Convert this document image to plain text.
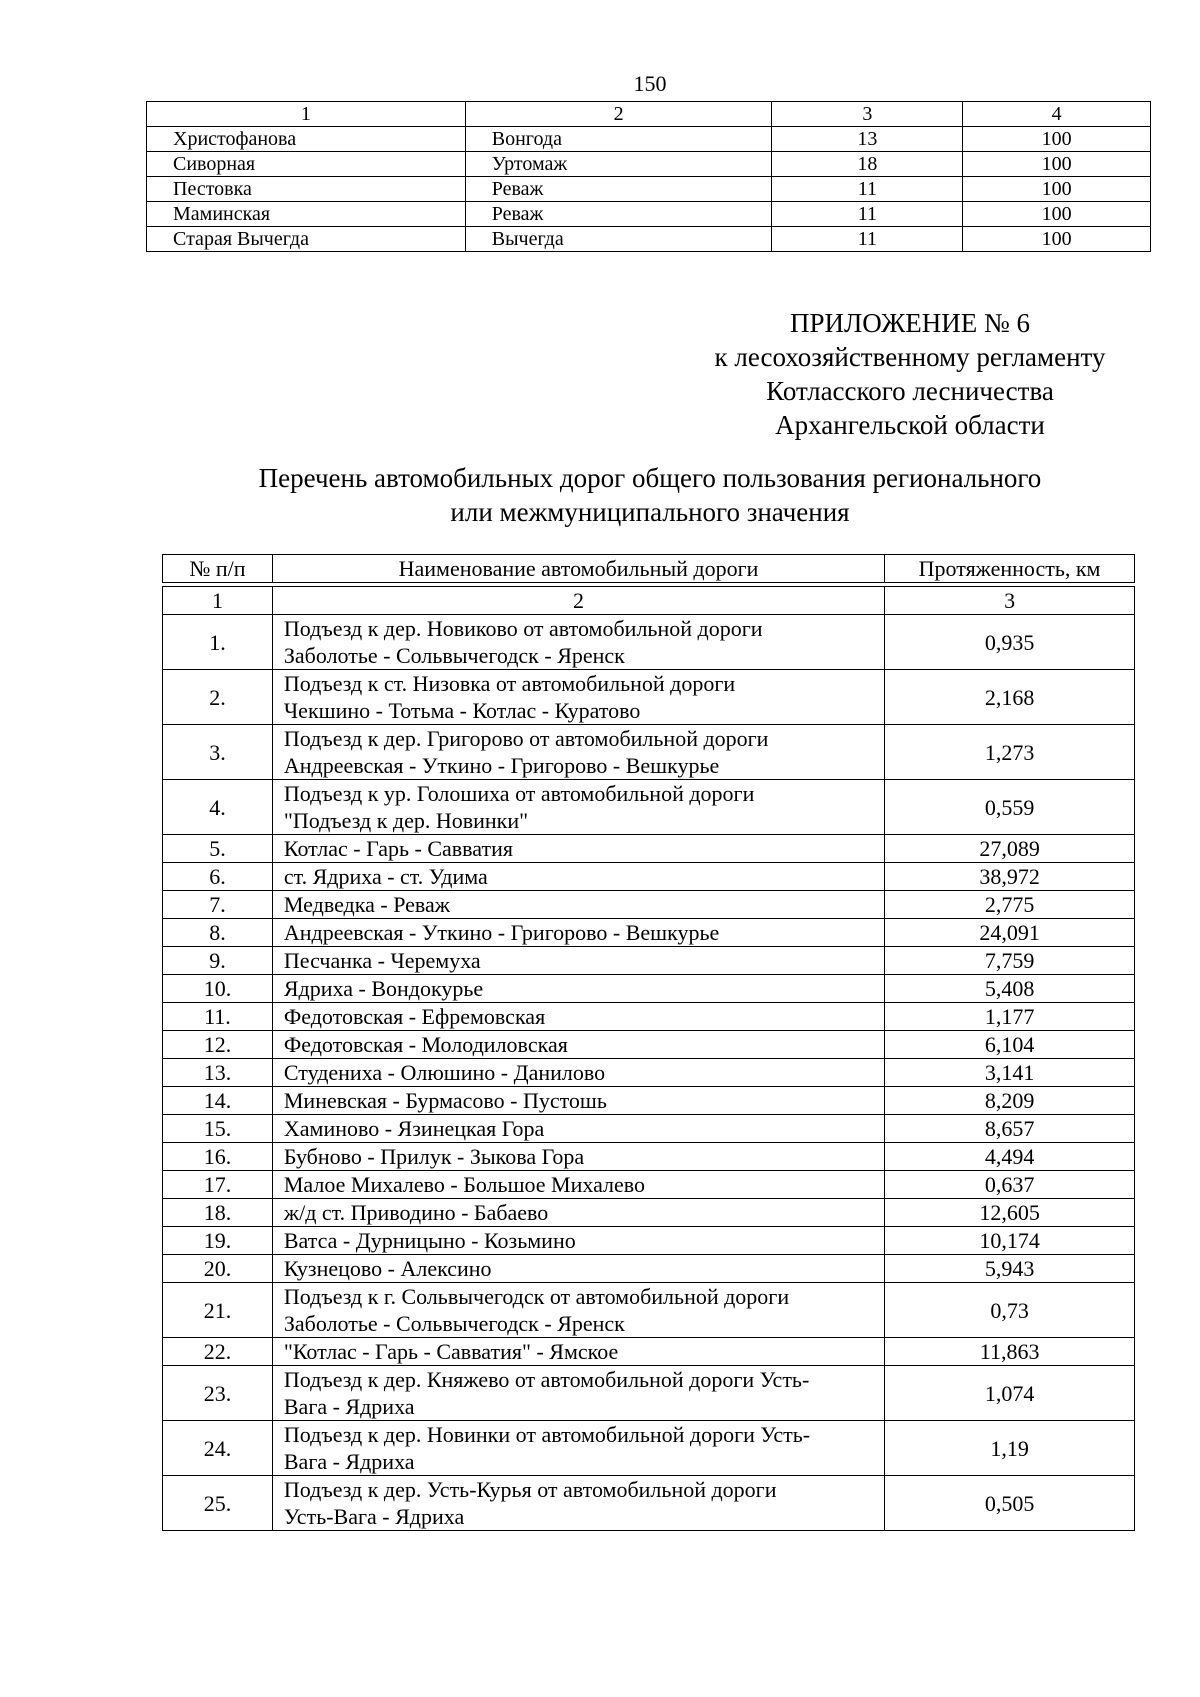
150
1	2	3	4
Христофанова	Вонгода	13	100
Сиворная	Уртомаж	18	100
Пестовка	Реваж	11	100
Маминская	Реваж	11	100
Старая Вычегда	Вычегда	11	100
ПРИЛОЖЕНИЕ № 6
к лесохозяйственному регламенту
Котласского лесничества
Архангельской области
Перечень автомобильных дорог общего пользования регионального
или межмуниципального значения
№ п/п	Наименование автомобильный дороги	Протяженность, км
1	2	3
1.	Подъезд к дер. Новиково от автомобильной дороги
Заболотье - Сольвычегодск - Яренск	0,935
2.	Подъезд к ст. Низовка от автомобильной дороги
Чекшино - Тотьма - Котлас - Куратово	2,168
3.	Подъезд к дер. Григорово от автомобильной дороги
Андреевская - Уткино - Григорово - Вешкурье	1,273
4.	Подъезд к ур. Голошиха от автомобильной дороги
"Подъезд к дер. Новинки"	0,559
5.	Котлас - Гарь - Савватия	27,089
6.	ст. Ядриха - ст. Удима	38,972
7.	Медведка - Реваж	2,775
8.	Андреевская - Уткино - Григорово - Вешкурье	24,091
9.	Песчанка - Черемуха	7,759
10.	Ядриха - Вондокурье	5,408
11.	Федотовская - Ефремовская	1,177
12.	Федотовская - Молодиловская	6,104
13.	Студениха - Олюшино - Данилово	3,141
14.	Миневская - Бурмасово - Пустошь	8,209
15.	Хаминово - Язинецкая Гора	8,657
16.	Бубново - Прилук - Зыкова Гора	4,494
17.	Малое Михалево - Большое Михалево	0,637
18.	ж/д ст. Приводино - Бабаево	12,605
19.	Ватса - Дурницыно - Козьмино	10,174
20.	Кузнецово - Алексино	5,943
21.	Подъезд к г. Сольвычегодск от автомобильной дороги
Заболотье - Сольвычегодск - Яренск	0,73
22.	"Котлас - Гарь - Савватия" - Ямское	11,863
23.	Подъезд к дер. Княжево от автомобильной дороги Усть-
Вага - Ядриха	1,074
24.	Подъезд к дер. Новинки от автомобильной дороги Усть-
Вага - Ядриха	1,19
25.	Подъезд к дер. Усть-Курья от автомобильной дороги
Усть-Вага - Ядриха	0,505
